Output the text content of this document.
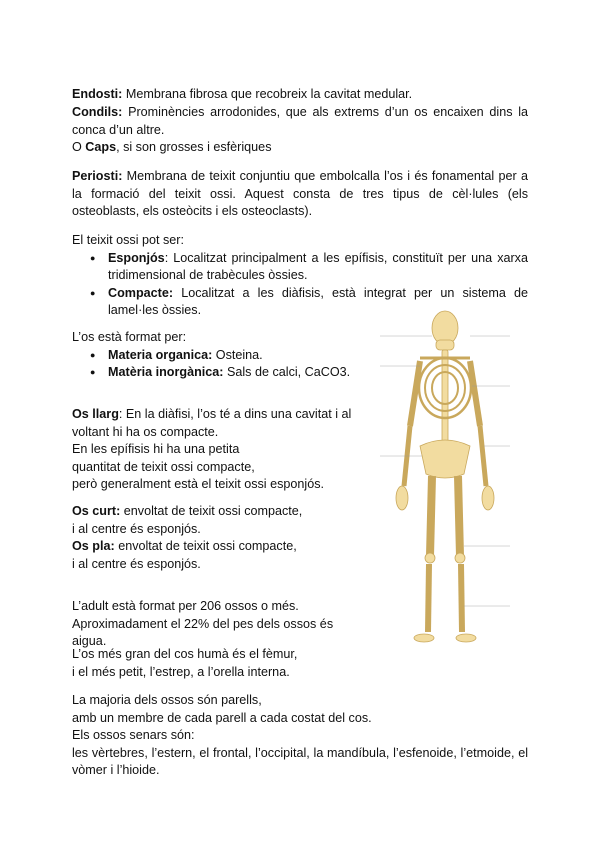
Endosti: Membrana fibrosa que recobreix la cavitat medular.
Condils: Prominències arrodonides, que als extrems d’un os encaixen dins la conca d’un altre.
O Caps, si son grosses i esfèriques
Periosti: Membrana de teixit conjuntiu que embolcalla l’os i és fonamental per a la formació del teixit ossi. Aquest consta de tres tipus de cèl·lules (els osteoblasts, els osteòcits i els osteoclasts).
El teixit ossi pot ser:
● Esponjós: Localitzat principalment a les epífisis, constituït per una xarxa tridimensional de trabècules òssies.
● Compacte: Localitzat a les diàfisis, està integrat per un sistema de lamel·les òssies.
L’os està format per:
● Materia organica: Osteina.
● Matèria inorgànica: Sals de calci, CaCO3.
Os llarg: En la diàfisi, l’os té a dins una cavitat i al voltant hi ha os compacte.
En les epífisis hi ha una petita
quantitat de teixit ossi compacte,
però generalment està el teixit ossi esponjós.
Os curt: envoltat de teixit ossi compacte,
i al centre és esponjós.
Os pla: envoltat de teixit ossi compacte,
i al centre és esponjós.
L’adult està format per 206 ossos o més.
Aproximadament el 22% del pes dels ossos és aigua.
L’os més gran del cos humà és el fèmur,
i el més petit, l’estrep, a l’orella interna.
La majoria dels ossos són parells,
amb un membre de cada parell a cada costat del cos.
Els ossos senars són:
les vèrtebres, l’estern, el frontal, l’occipital, la mandíbula, l’esfenoide, l’etmoide, el vòmer i l’hioide.
